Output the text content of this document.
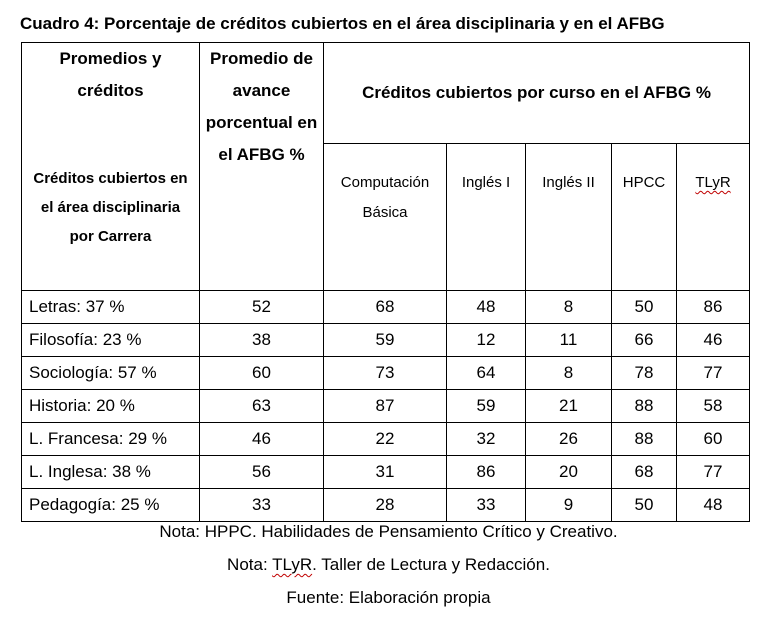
Cuadro 4: Porcentaje de créditos cubiertos en el área disciplinaria y en el AFBG
Promedios y créditos
Créditos cubiertos en el área disciplinaria por Carrera	Promedio de avance porcentual en el AFBG %	Créditos cubiertos por curso en el AFBG %				

		Computación Básica	Inglés I	Inglés II	HPCC	TLyR
Letras: 37 %	52	68	48	8	50	86
Filosofía: 23 %	38	59	12	11	66	46
Sociología: 57 %	60	73	64	8	78	77
Historia: 20 %	63	87	59	21	88	58
L. Francesa: 29 %	46	22	32	26	88	60
L. Inglesa: 38 %	56	31	86	20	68	77
Pedagogía: 25 %	33	28	33	9	50	48
Nota: HPPC. Habilidades de Pensamiento Crítico y Creativo.
Nota: TLyR. Taller de Lectura y Redacción.
Fuente: Elaboración propia
